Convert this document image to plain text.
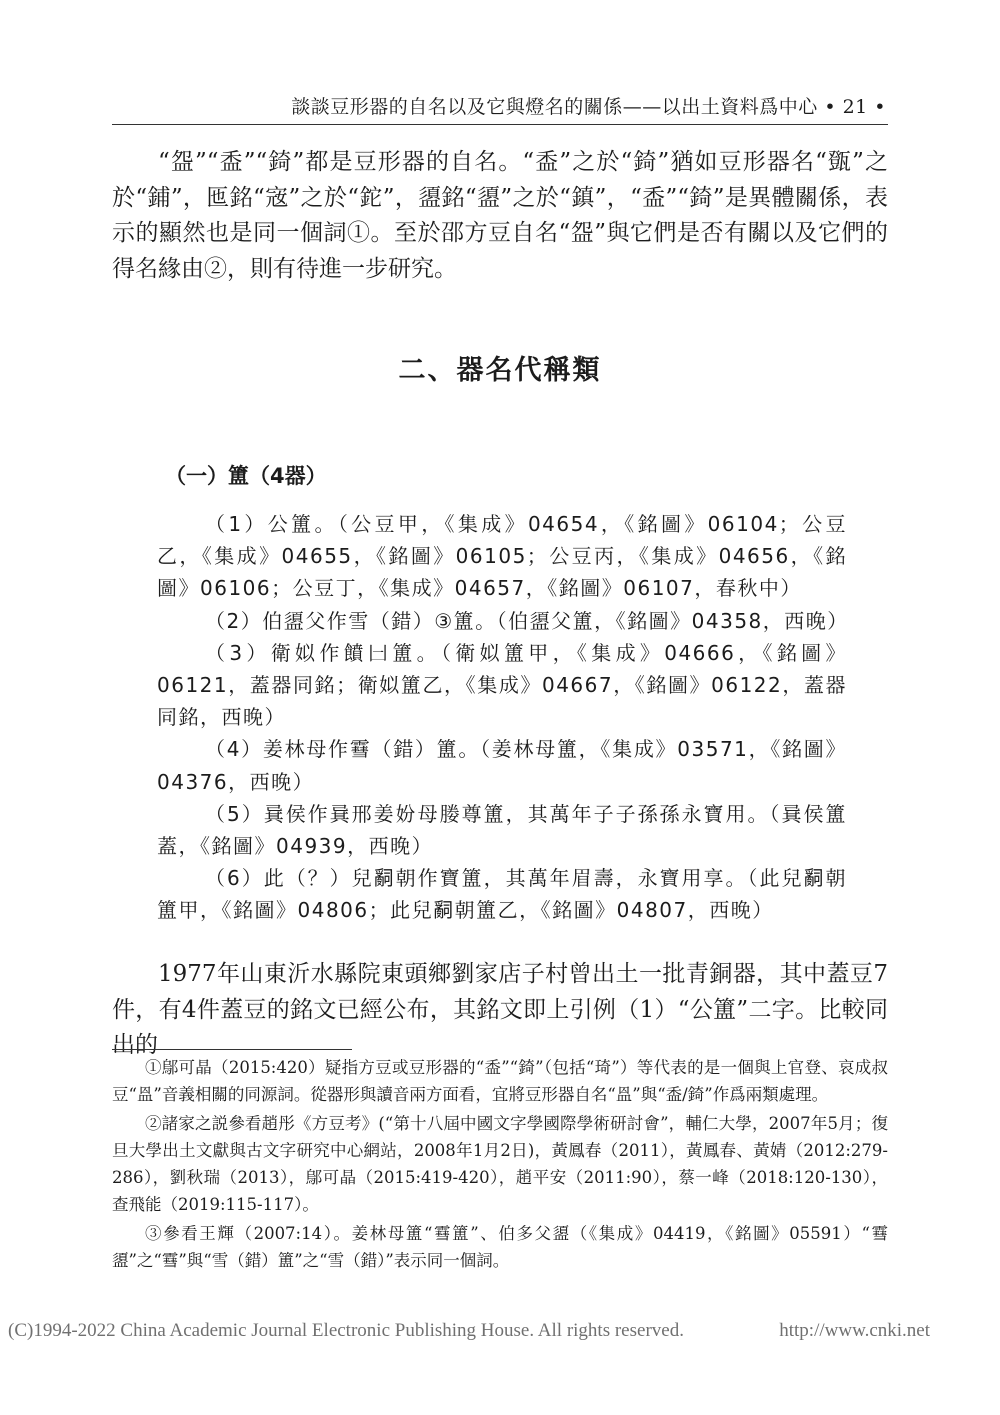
談談豆形器的自名以及它與燈名的關係——以出土資料爲中心 • 21 •

“盌”“盉”“錡”都是豆形器的自名。“盉”之於“錡”猶如豆形器名“㽅”之於“鋪”，匜銘“宼”之於“鉈”，盨銘“盨”之於“鎮”，“盉”“錡”是異體關係，表示的顯然也是同一個詞①。至於邵方豆自名“盌”與它們是否有關以及它們的得名緣由②，則有待進一步研究。

二、器名代稱類
（一）簠（4器）
（1）公簠。（公豆甲，《集成》04654，《銘圖》06104；公豆乙，《集成》04655，《銘圖》06105；公豆丙，《集成》04656，《銘圖》06106；公豆丁，《集成》04657，《銘圖》06107，春秋中）
（2）伯盨父作雪（錯）③簠。（伯盨父簠，《銘圖》04358，西晚）
（3）衛姒作饙𠙵簠。（衛姒簠甲，《集成》04666，《銘圖》06121，蓋器同銘；衛姒簠乙，《集成》04667，《銘圖》06122，蓋器同銘，西晚）
（4）姜林母作䨮（錯）簠。（姜林母簠，《集成》03571，《銘圖》04376，西晚）
（5）㠱侯作㠱邢姜妢母媵尊簠，其萬年子子孫孫永寶用。（㠱侯簠蓋，《銘圖》04939，西晚）
（6）此（？）兒𤔲朝作寶簠，其萬年眉壽，永寶用享。（此兒𤔲朝簠甲，《銘圖》04806；此兒𤔲朝簠乙，《銘圖》04807，西晚）

1977年山東沂水縣院東頭鄉劉家店子村曾出土一批青銅器，其中蓋豆7件，有4件蓋豆的銘文已經公布，其銘文即上引例（1）“公簠”二字。比較同出的

①鄔可晶（2015:420）疑指方豆或豆形器的“盉”“錡”（包括“琦”）等代表的是一個與上官登、哀成叔豆“𥁕”音義相關的同源詞。從器形與讀音兩方面看，宜將豆形器自名“𥁕”與“盉/錡”作爲兩類處理。
②諸家之説參看趙彤《方豆考》(“第十八屆中國文字學國際學術研討會”，輔仁大學，2007年5月；復旦大學出土文獻與古文字研究中心網站，2008年1月2日)，黃鳳春（2011），黃鳳春、黃婧（2012:279-286），劉秋瑞（2013），鄔可晶（2015:419-420），趙平安（2011:90），蔡一峰（2018:120-130），查飛能（2019:115-117）。
③參看王輝（2007:14）。姜林母簠“䨮簠”、伯多父盨（《集成》04419，《銘圖》05591）“䨮盨”之“䨮”與“雪（錯）簠”之“雪（錯）”表示同一個詞。
(C)1994-2022 China Academic Journal Electronic Publishing House. All rights reserved.	http://www.cnki.net
